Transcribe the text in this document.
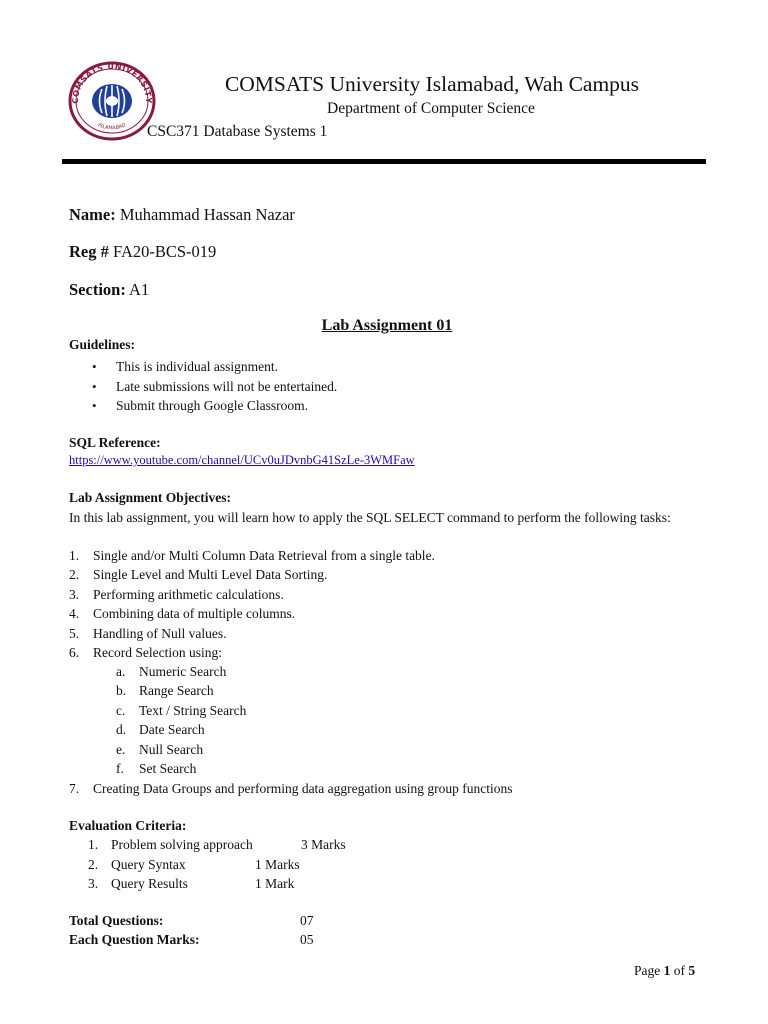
COMSATS UNIVERSITY
ISLAMABAD
COMSATS University Islamabad, Wah Campus
Department of Computer Science
CSC371 Database Systems 1
Name: Muhammad Hassan Nazar
Reg # FA20-BCS-019
Section: A1
Lab Assignment 01
Guidelines:
• This is individual assignment.
• Late submissions will not be entertained.
• Submit through Google Classroom.
SQL Reference:
https://www.youtube.com/channel/UCv0uJDvnbG41SzLe-3WMFaw
Lab Assignment Objectives:
In this lab assignment, you will learn how to apply the SQL SELECT command to perform the following tasks:
1.	Single and/or Multi Column Data Retrieval from a single table.
2.	Single Level and Multi Level Data Sorting.
3.	Performing arithmetic calculations.
4.	Combining data of multiple columns.
5.	Handling of Null values.
6.	Record Selection using:
a.	Numeric Search
b. Range Search
c.	Text / String Search
d. Date Search
e.	Null Search
f.	Set Search
7.	Creating Data Groups and performing data aggregation using group functions
Evaluation Criteria:
1. Problem solving approach	3 Marks
2. Query Syntax	1 Marks
3. Query Results	1 Mark
Total Questions:	07
Each Question Marks:	05
Page 1 of 5
